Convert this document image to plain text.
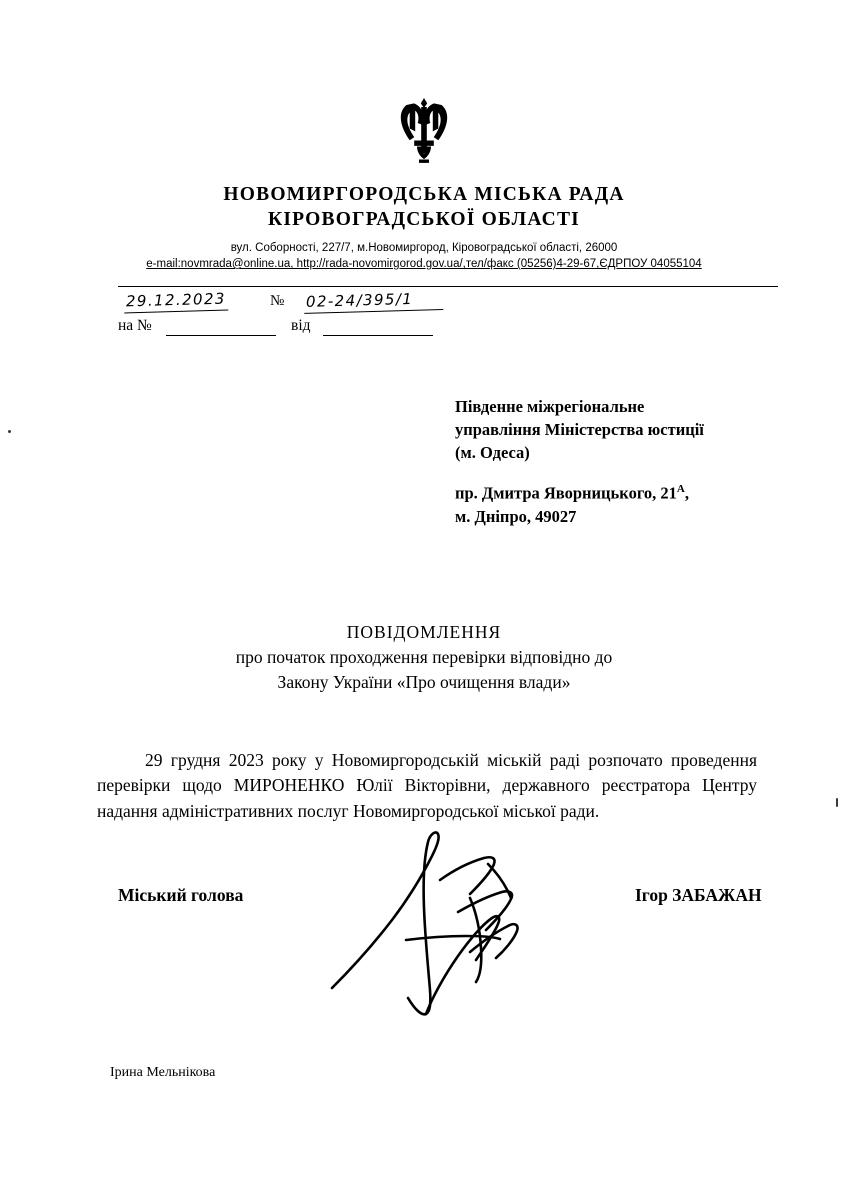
НОВОМИРГОРОДСЬКА МІСЬКА РАДА
КІРОВОГРАДСЬКОЇ ОБЛАСТІ
вул. Соборності, 227/7, м.Новомиргород, Кіровоградської області, 26000
e-mail:novmrada@online.ua, http://rada-novomirgorod.gov.ua/,тел/факс (05256)4-29-67,ЄДРПОУ 04055104
29.12.2023	№ 02-24/395/1
на №	від
Південне міжрегіональне
управління Міністерства юстиції
(м. Одеса)
пр. Дмитра Яворницького, $21^А$,
м. Дніпро, 49027
ПОВІДОМЛЕННЯ
про початок проходження перевірки відповідно до
Закону України «Про очищення влади»

29 грудня 2023 року у Новомиргородській міській раді розпочато проведення перевірки щодо МИРОНЕНКО Юлії Вікторівни, державного реєстратора Центру надання адміністративних послуг Новомиргородської міської ради.

Міський голова	Ігор ЗАБАЖАН
Ірина Мельнікова
